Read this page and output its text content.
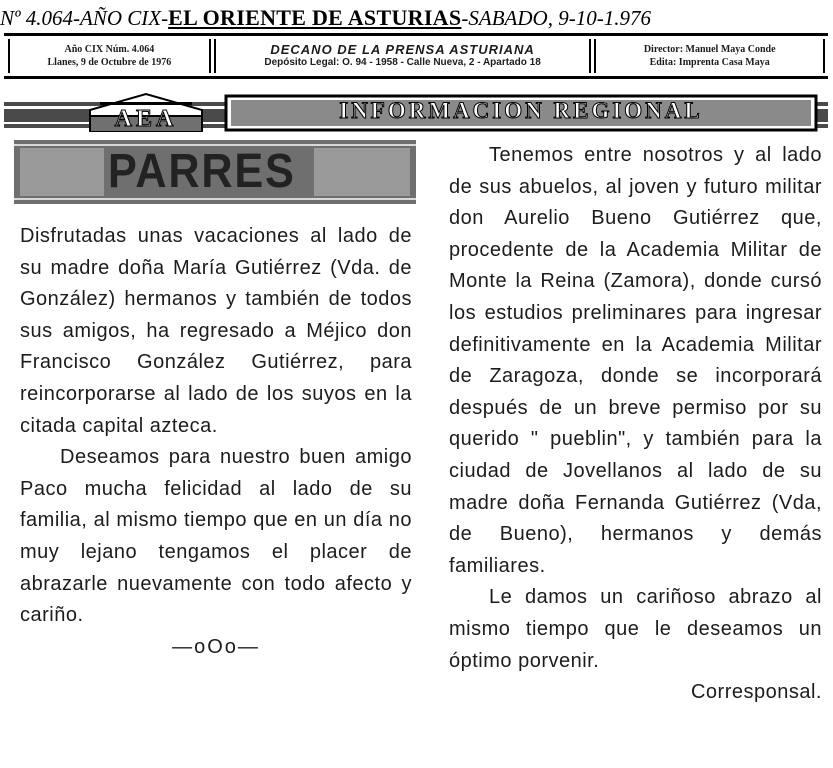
Nº 4.064-AÑO CIX-EL ORIENTE DE ASTURIAS-SABADO, 9-10-1.976
Año CIX Núm. 4.064
Llanes, 9 de Octubre de 1976
DECANO DE LA PRENSA ASTURIANA
Depósito Legal: O. 94 - 1958 - Calle Nueva, 2 - Apartado 18
Director: Manuel Maya Conde
Edita: Imprenta Casa Maya
AEA	INFORMACION REGIONAL
PARRES

Disfrutadas unas vacaciones al lado de su madre doña María Gutiérrez (Vda. de González) hermanos y también de todos sus amigos, ha regresado a Méjico don Francisco González Gutiérrez, para reincorporarse al lado de los suyos en la citada capital azteca.

Deseamos para nuestro buen amigo Paco mucha felicidad al lado de su familia, al mismo tiempo que en un día no muy lejano tengamos el placer de abrazarle nuevamente con todo afecto y cariño.

—oOo—

Tenemos entre nosotros y al lado de sus abuelos, al joven y futuro militar don Aurelio Bueno Gutiérrez que, procedente de la Academia Militar de Monte la Reina (Zamora), donde cursó los estudios preliminares para ingresar definitivamente en la Academia Militar de Zaragoza, donde se incorporará después de un breve permiso por su querido " pueblin", y también para la ciudad de Jovellanos al lado de su madre doña Fernanda Gutiérrez (Vda, de Bueno), hermanos y demás familiares.

Le damos un cariñoso abrazo al mismo tiempo que le deseamos un óptimo porvenir.

Corresponsal.
